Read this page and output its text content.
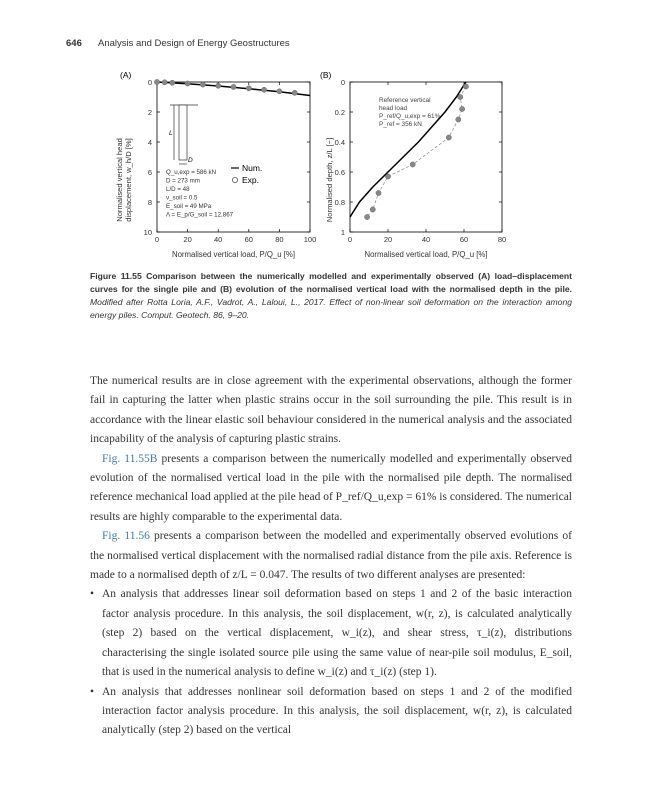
646 Analysis and Design of Energy Geostructures
(A)
Normalised vertical head displacement, w_h/D [%]
0	20	40	60	80	100
0
2
4
6
8
10
Normalised vertical load, P/Q_u [%]
L
D
Q_u,exp = 586 kN
D = 273 mm
L/D = 48
ν_soil = 0.5
E_soil = 49 MPa
Λ = E_p/G_soil = 12,867
Num.
Exp.
(B)
Normalised depth, z/L [−]
0	20	40	60	80
0
0.2
0.4
0.6
0.8
1
Normalised vertical load, P/Q_u [%]
Reference vertical
head load
P_ref/Q_u,exp = 61%
P_ref = 356 kN
Figure 11.55 Comparison between the numerically modelled and experimentally observed (A) load–displacement curves for the single pile and (B) evolution of the normalised vertical load with the normalised depth in the pile. Modified after Rotta Loria, A.F., Vadrot, A., Laloui, L., 2017. Effect of non-linear soil deformation on the interaction among energy piles. Comput. Geotech. 86, 9–20.

The numerical results are in close agreement with the experimental observations, although the former fail in capturing the latter when plastic strains occur in the soil surrounding the pile. This result is in accordance with the linear elastic soil behaviour considered in the numerical analysis and the associated incapability of the analysis of capturing plastic strains.

Fig. 11.55B presents a comparison between the numerically modelled and experimentally observed evolution of the normalised vertical load in the pile with the normalised pile depth. The normalised reference mechanical load applied at the pile head of P_ref/Q_u,exp = 61% is considered. The numerical results are highly comparable to the experimental data.

Fig. 11.56 presents a comparison between the modelled and experimentally observed evolutions of the normalised vertical displacement with the normalised radial distance from the pile axis. Reference is made to a normalised depth of z/L = 0.047. The results of two different analyses are presented:

• An analysis that addresses linear soil deformation based on steps 1 and 2 of the basic interaction factor analysis procedure. In this analysis, the soil displacement, w(r, z), is calculated analytically (step 2) based on the vertical displacement, w_i(z), and shear stress, τ_i(z), distributions characterising the single isolated source pile using the same value of near-pile soil modulus, E_soil, that is used in the numerical analysis to define w_i(z) and τ_i(z) (step 1).
• An analysis that addresses nonlinear soil deformation based on steps 1 and 2 of the modified interaction factor analysis procedure. In this analysis, the soil displacement, w(r, z), is calculated analytically (step 2) based on the vertical
